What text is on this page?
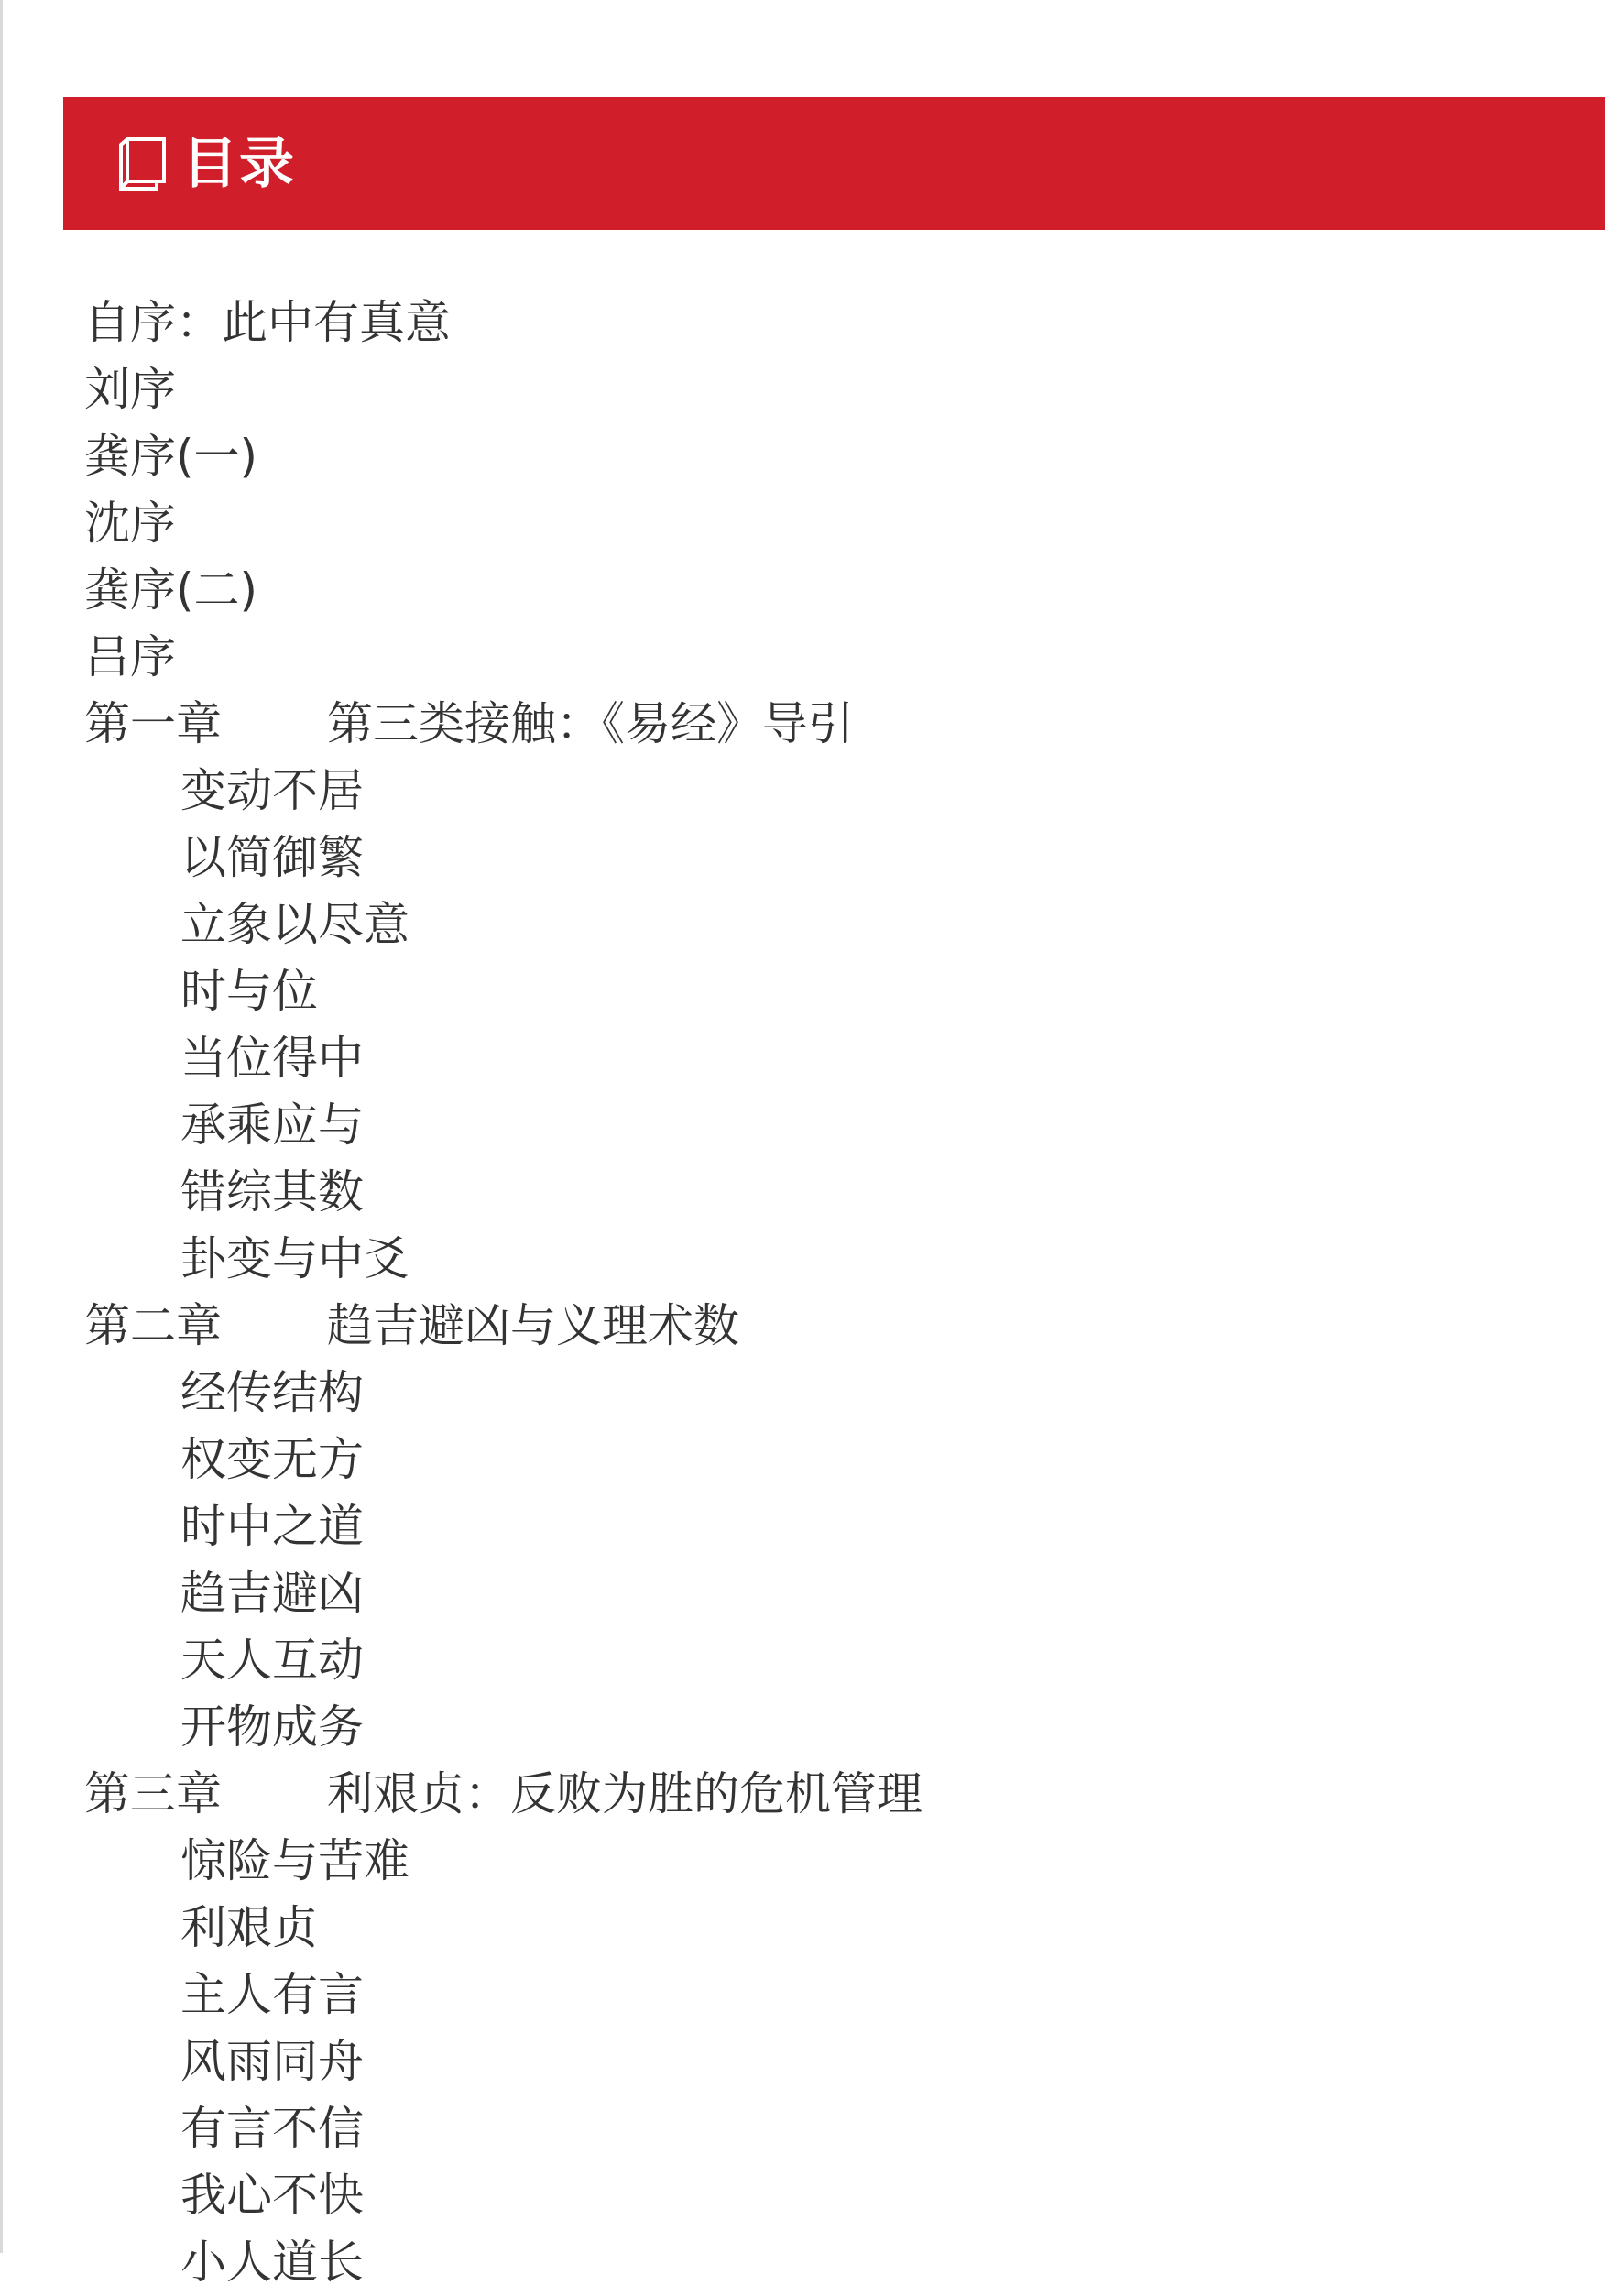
目录
自序：此中有真意
刘序
龚序(一)
沈序
龚序(二)
吕序
第一章 第三类接触：《易经》导引
变动不居
以简御繁
立象以尽意
时与位
当位得中
承乘应与
错综其数
卦变与中爻
第二章 趋吉避凶与义理术数
经传结构
权变无方
时中之道
趋吉避凶
天人互动
开物成务
第三章 利艰贞：反败为胜的危机管理
惊险与苦难
利艰贞
主人有言
风雨同舟
有言不信
我心不快
小人道长
